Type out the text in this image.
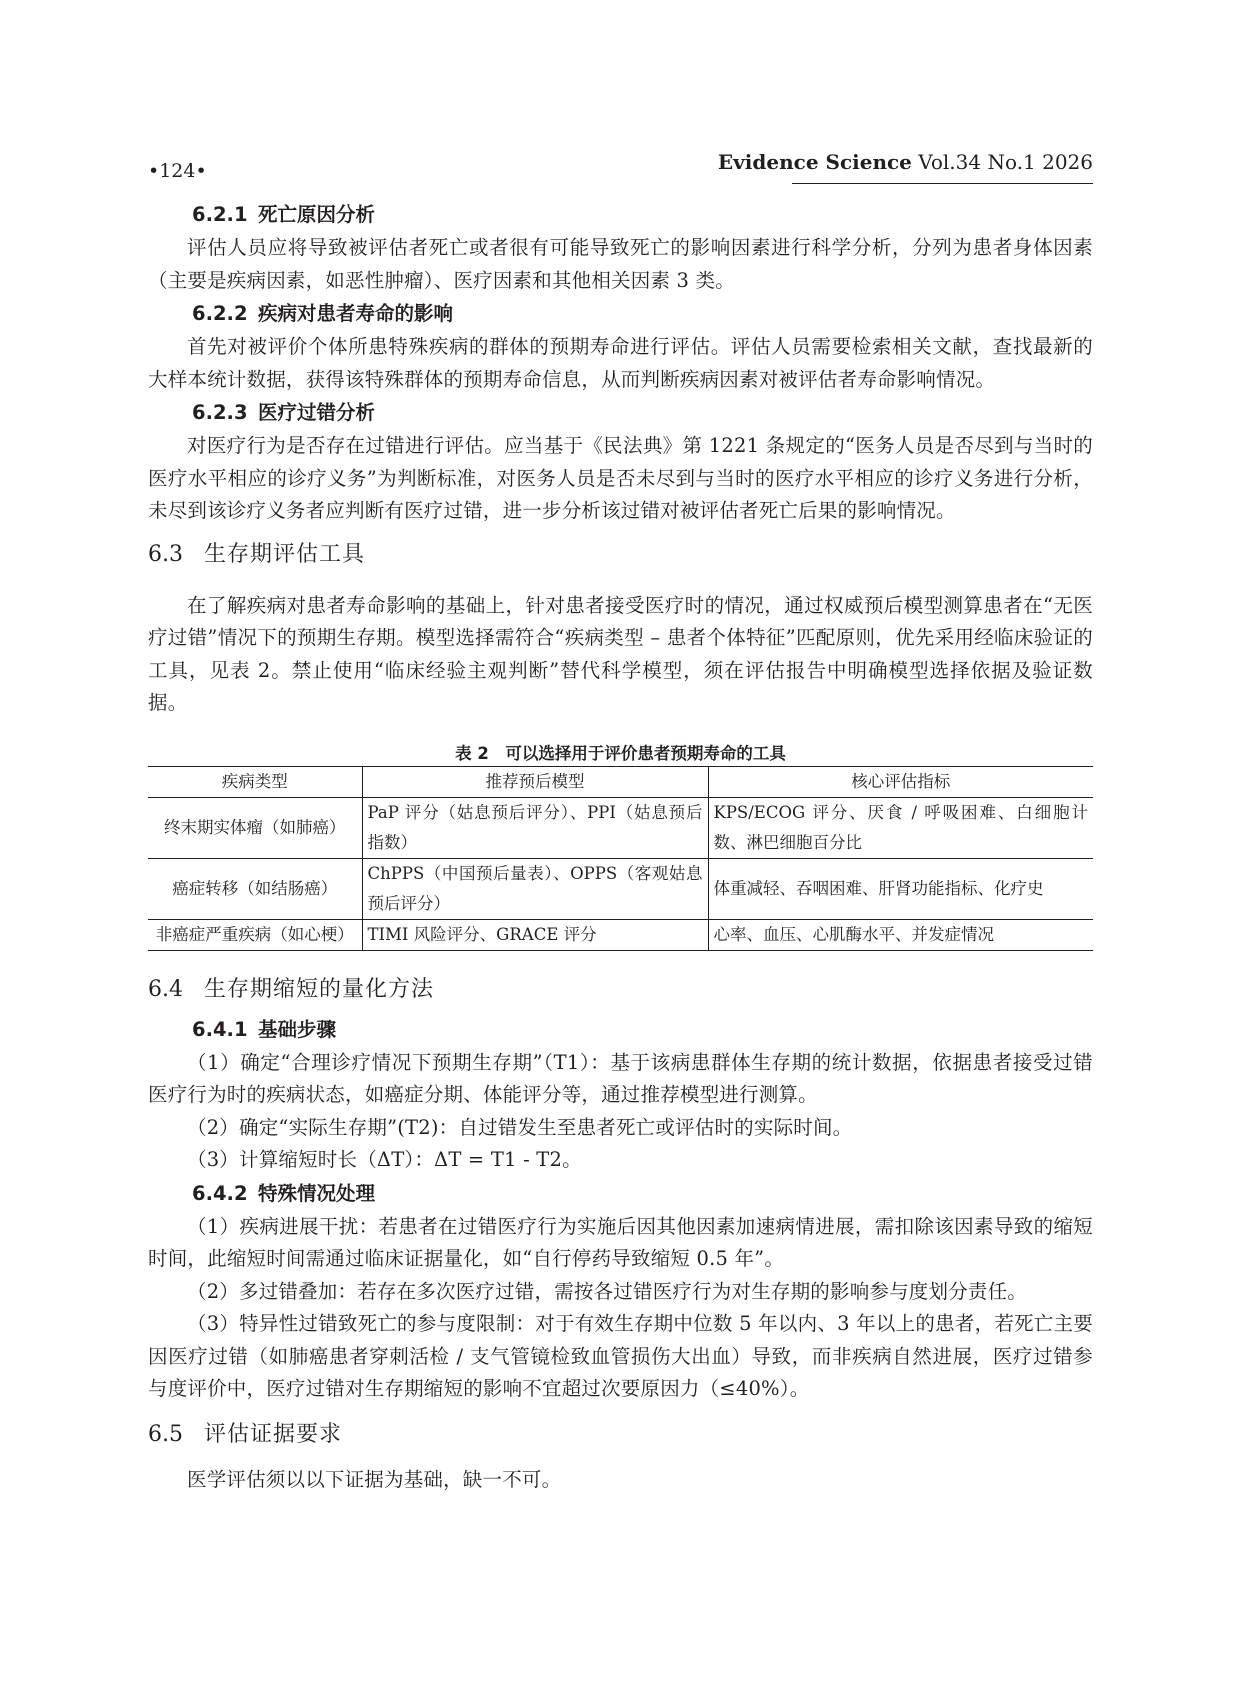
•124•	Evidence Science Vol.34 No.1 2026
6.2.1 死亡原因分析

评估人员应将导致被评估者死亡或者很有可能导致死亡的影响因素进行科学分析，分列为患者身体因素（主要是疾病因素，如恶性肿瘤）、医疗因素和其他相关因素 3 类。

6.2.2 疾病对患者寿命的影响

首先对被评价个体所患特殊疾病的群体的预期寿命进行评估。评估人员需要检索相关文献，查找最新的大样本统计数据，获得该特殊群体的预期寿命信息，从而判断疾病因素对被评估者寿命影响情况。

6.2.3 医疗过错分析

对医疗行为是否存在过错进行评估。应当基于《民法典》第 1221 条规定的“医务人员是否尽到与当时的医疗水平相应的诊疗义务”为判断标准，对医务人员是否未尽到与当时的医疗水平相应的诊疗义务进行分析，未尽到该诊疗义务者应判断有医疗过错，进一步分析该过错对被评估者死亡后果的影响情况。

6.3 生存期评估工具

在了解疾病对患者寿命影响的基础上，针对患者接受医疗时的情况，通过权威预后模型测算患者在“无医疗过错”情况下的预期生存期。模型选择需符合“疾病类型 – 患者个体特征”匹配原则，优先采用经临床验证的工具，见表 2。禁止使用“临床经验主观判断”替代科学模型，须在评估报告中明确模型选择依据及验证数据。

表 2　可以选择用于评价患者预期寿命的工具
疾病类型	推荐预后模型	核心评估指标
终末期实体瘤（如肺癌）	PaP 评分（姑息预后评分）、PPI（姑息预后指数）	KPS/ECOG 评分、厌食 / 呼吸困难、白细胞计数、淋巴细胞百分比
癌症转移（如结肠癌）	ChPPS（中国预后量表）、OPPS（客观姑息预后评分）	体重减轻、吞咽困难、肝肾功能指标、化疗史
非癌症严重疾病（如心梗）	TIMI 风险评分、GRACE 评分	心率、血压、心肌酶水平、并发症情况
6.4 生存期缩短的量化方法
6.4.1 基础步骤

（1）确定“合理诊疗情况下预期生存期”（T1）：基于该病患群体生存期的统计数据，依据患者接受过错医疗行为时的疾病状态，如癌症分期、体能评分等，通过推荐模型进行测算。

（2）确定“实际生存期”(T2)：自过错发生至患者死亡或评估时的实际时间。

（3）计算缩短时长（ΔT）：ΔT = T1 - T2。

6.4.2 特殊情况处理

（1）疾病进展干扰：若患者在过错医疗行为实施后因其他因素加速病情进展，需扣除该因素导致的缩短时间，此缩短时间需通过临床证据量化，如“自行停药导致缩短 0.5 年”。

（2）多过错叠加：若存在多次医疗过错，需按各过错医疗行为对生存期的影响参与度划分责任。

（3）特异性过错致死亡的参与度限制：对于有效生存期中位数 5 年以内、3 年以上的患者，若死亡主要因医疗过错（如肺癌患者穿刺活检 / 支气管镜检致血管损伤大出血）导致，而非疾病自然进展，医疗过错参与度评价中，医疗过错对生存期缩短的影响不宜超过次要原因力（≤40%）。

6.5 评估证据要求

医学评估须以以下证据为基础，缺一不可。
